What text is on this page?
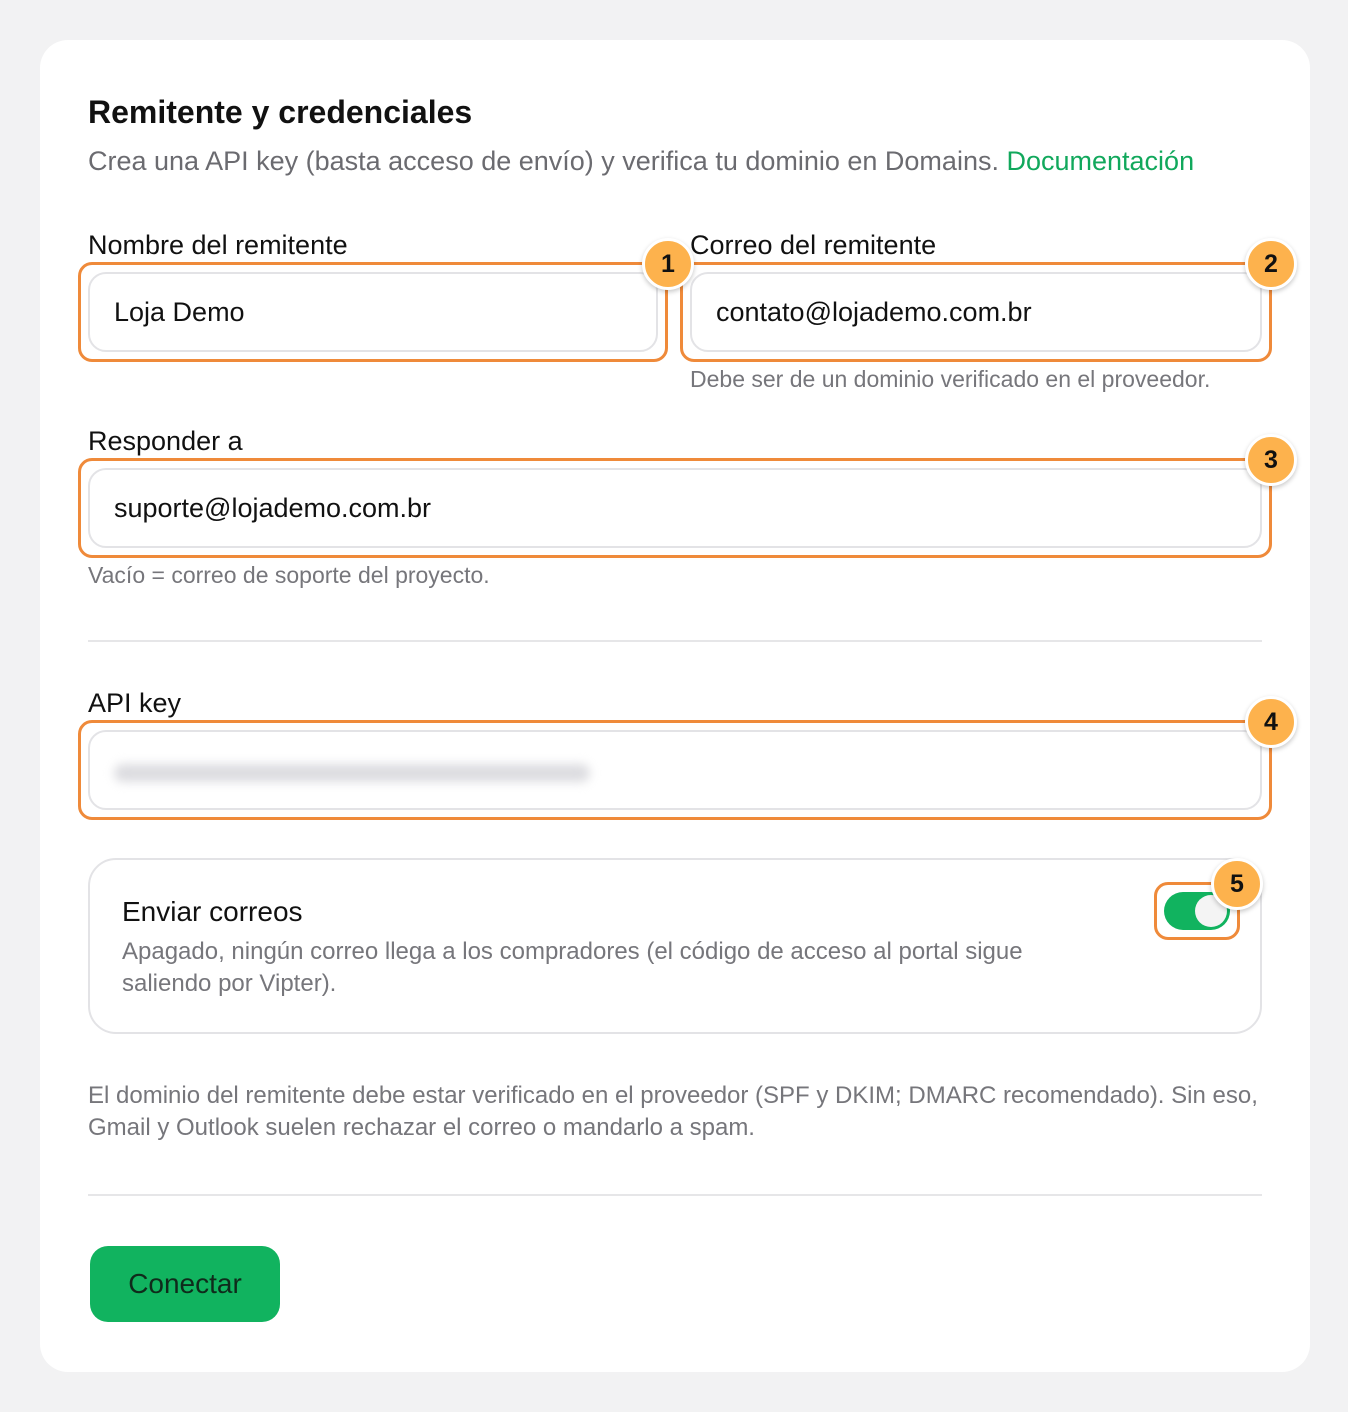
Remitente y credenciales
Crea una API key (basta acceso de envío) y verifica tu dominio en Domains. Documentación
Nombre del remitente
Loja Demo	Correo del remitente
contato@lojademo.com.br
Debe ser de un dominio verificado en el proveedor.
Responder a
suporte@lojademo.com.br
Vacío = correo de soporte del proyecto.
API key
Enviar correos
Apagado, ningún correo llega a los compradores (el código de acceso al portal sigue saliendo por Vipter).
El dominio del remitente debe estar verificado en el proveedor (SPF y DKIM; DMARC recomendado). Sin eso, Gmail y Outlook suelen rechazar el correo o mandarlo a spam.
Conectar
1	2
3
4
5
